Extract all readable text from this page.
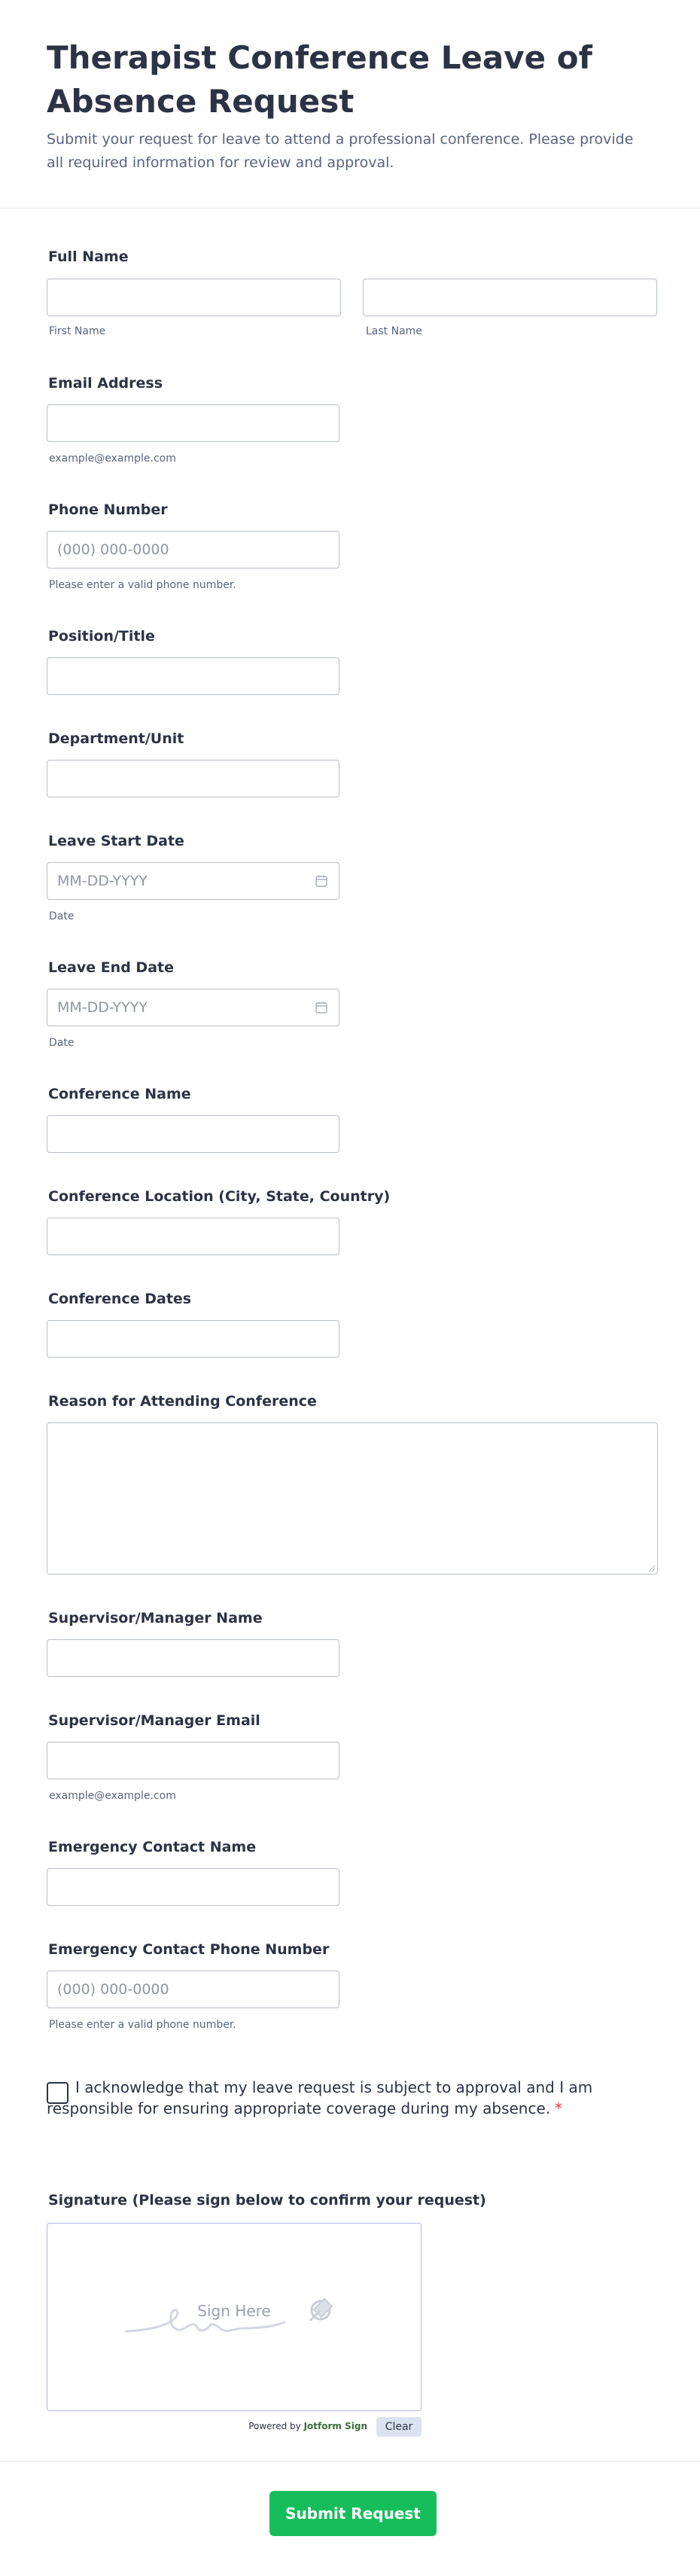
Therapist Conference Leave of Absence Request
Submit your request for leave to attend a professional conference. Please provide all required information for review and approval.
Full Name
First Name	Last Name
Email Address
example@example.com
Phone Number
(000) 000-0000
Please enter a valid phone number.
Position/Title
Department/Unit
Leave Start Date
MM-DD-YYYY
Date
Leave End Date
MM-DD-YYYY
Date
Conference Name
Conference Location (City, State, Country)
Conference Dates
Reason for Attending Conference
Supervisor/Manager Name
Supervisor/Manager Email
example@example.com
Emergency Contact Name
Emergency Contact Phone Number
(000) 000-0000
Please enter a valid phone number.
I acknowledge that my leave request is subject to approval and I am responsible for ensuring appropriate coverage during my absence. *
Signature (Please sign below to confirm your request)
Sign Here
Powered by Jotform Sign	Clear
Submit Request
